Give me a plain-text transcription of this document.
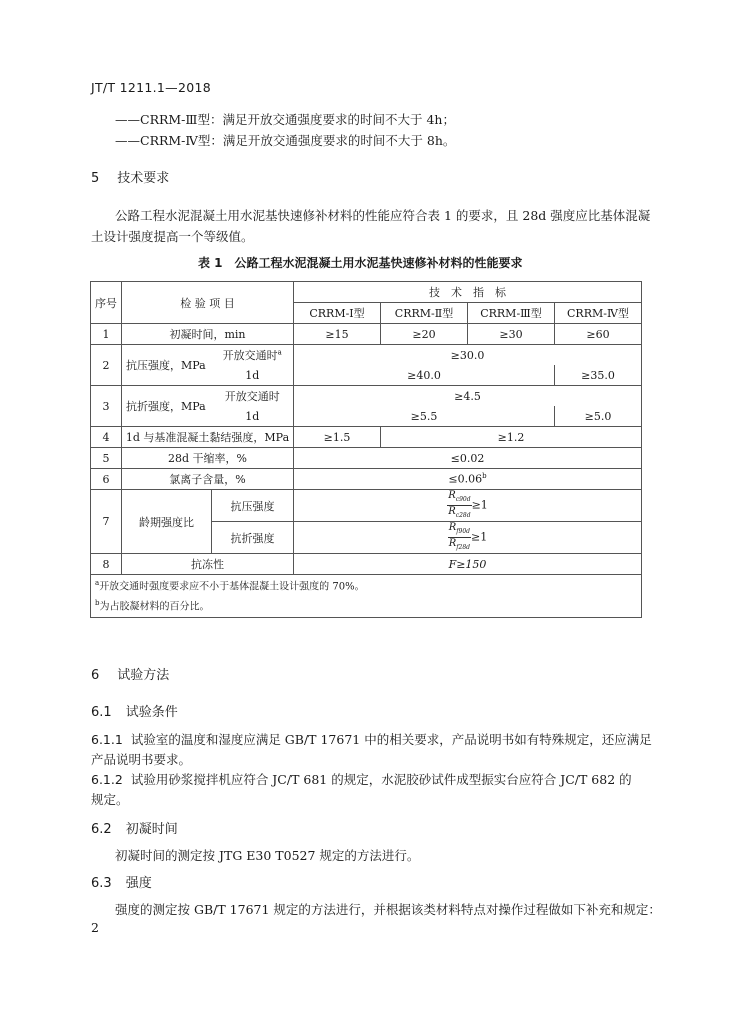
JT/T 1211.1—2018
——CRRM-Ⅲ型：满足开放交通强度要求的时间不大于 4h；
——CRRM-Ⅳ型：满足开放交通强度要求的时间不大于 8h。
5 技术要求
公路工程水泥混凝土用水泥基快速修补材料的性能应符合表 1 的要求，且 28d 强度应比基体混凝
土设计强度提高一个等级值。
表 1　公路工程水泥混凝土用水泥基快速修补材料的性能要求
序号	检 验 项 目		技　术　指　标			
			CRRM-Ⅰ型	CRRM-Ⅱ型	CRRM-Ⅲ型	CRRM-Ⅳ型
1	初凝时间，min		≥15	≥20	≥30	≥60
2	抗压强度，MPa	开放交通时$^a$	≥30.0			
		1d	≥40.0			≥35.0
3	抗折强度，MPa	开放交通时	≥4.5			
		1d	≥5.5			≥5.0
4	1d 与基准混凝土黏结强度，MPa		≥1.5	≥1.2		
5	28d 干缩率，%		≤0.02			
6	氯离子含量，%		≤0.06$^b$
7	龄期强度比	抗压强度	$\frac{R_{c90d}}{R_{c28d}} \ge 1$			
		抗折强度	$\frac{R_{f90d}}{R_{f28d}} \ge 1$			
8	抗冻性		F≥150			

$^a$开放交通时强度要求应不小于基体混凝土设计强度的 70%。
$^b$为占胶凝材料的百分比。						
6 试验方法
6.1 试验条件
6.1.1 试验室的温度和湿度应满足 GB/T 17671 中的相关要求，产品说明书如有特殊规定，还应满足
产品说明书要求。
6.1.2 试验用砂浆搅拌机应符合 JC/T 681 的规定，水泥胶砂试件成型振实台应符合 JC/T 682 的
规定。
6.2 初凝时间
初凝时间的测定按 JTG E30 T0527 规定的方法进行。
6.3 强度
强度的测定按 GB/T 17671 规定的方法进行，并根据该类材料特点对操作过程做如下补充和规定：
2
